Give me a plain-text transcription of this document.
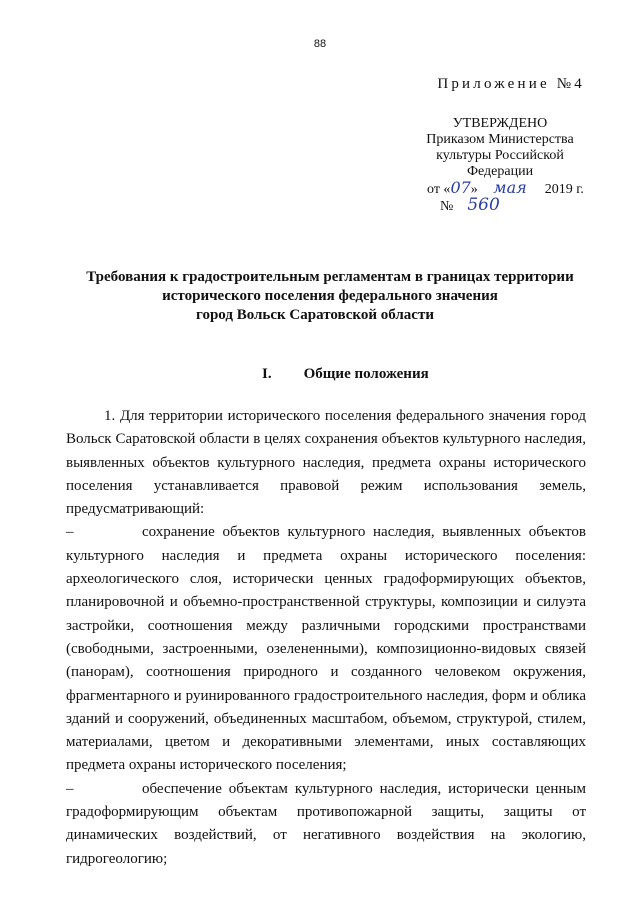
88
Приложение №4
УТВЕРЖДЕНО
Приказом Министерства культуры Российской Федерации
от «07» мая 2019 г.
№ 560
Требования к градостроительным регламентам в границах территории
исторического поселения федерального значения
город Вольск Саратовской области
I. Общие положения

1. Для территории исторического поселения федерального значения город Вольск Саратовской области в целях сохранения объектов культурного наследия, выявленных объектов культурного наследия, предмета охраны исторического поселения устанавливается правовой режим использования земель, предусматривающий:

–	сохранение объектов культурного наследия, выявленных объектов культурного наследия и предмета охраны исторического поселения: археологического слоя, исторически ценных градоформирующих объектов, планировочной и объемно-пространственной структуры, композиции и силуэта застройки, соотношения между различными городскими пространствами (свободными, застроенными, озелененными), композиционно-видовых связей (панорам), соотношения природного и созданного человеком окружения, фрагментарного и руинированного градостроительного наследия, форм и облика зданий и сооружений, объединенных масштабом, объемом, структурой, стилем, материалами, цветом и декоративными элементами, иных составляющих предмета охраны исторического поселения;

–	обеспечение объектам культурного наследия, исторически ценным градоформирующим объектам противопожарной защиты, защиты от динамических воздействий, от негативного воздействия на экологию, гидрогеологию;
